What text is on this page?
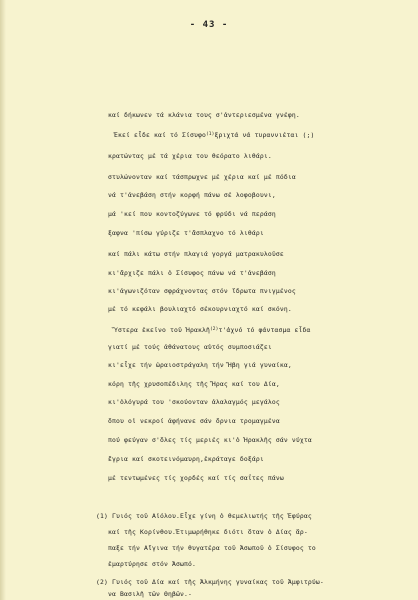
- 43 -
καί δήκωνεν τά κλάνια τους σ'ἀντεριεσμένα γνέφη.
Ἐκεί εἶδε καί τό Σίσυφο$^{(1)}$ξριχτά νά τυραννιέται (;)
κρατώντας μέ τά χέρια του θεόρατο λιθάρι.
στυλώνονταν καί τάσπρωχνε μέ χέρια καί μέ πόδια
νά τ'ἀνεβάση στήν κορφή πάνω σέ λοφοβουνι,
μά 'κεί που κοντοζύγωνε τό φρύδι νά περάση
ξαφνα 'πίσω γύριζε τ'ἄσπλαχνο τό λιθάρι
καί πάλι κάτω στήν πλαγιά γοργά ματρακυλοῦσε
κι'ἄρχιζε πάλι ὁ Σίσυφος πάνω νά τ'ἀνεβάση
κι'ἀγωνιζόταν σφράχνοντας στόν ἵδρωτα πνιγμένος
μέ τό κεφάλι βουλιαχτό σέκουρνιαχτό καί σκόνη.
Ὕστερα ἐκεῖνο τοῦ Ἡρακλῆ$^{(2)}$τ'ἀχνό τό φάντασμα εἶδα
γιατί μέ τούς ἀθάνατους αὐτός συμποσιάζει
κι'εἶχε τήν ὡραιοστράγαλη τήν Ἥβη γιά γυναίκα,
κόρη τῆς χρυσοπέδιλης τῆς Ἥρας καί του Δία,
κι'ὁλόγυρά του 'σκούονταν ἀλαλαγμός μεγάλος
ὅπου οἱ νεκροί ἀφήνανε σάν ὄρνια τρομαγμένα
πού φεύγαν σ'ὅλες τίς μεριές κι'ὁ Ἡρακλῆς σάν νύχτα
ἔγρια καί σκοτεινόμαυρη,ἐκράταγε δοξάρι
μέ τεντωμένες τίς χορδές καί τίς σαΐτες πάνω
(1) Γυιός τοῦ Αἰόλου.Εἶχε γίνη ὁ θεμελιωτής τῆς Ἐφύρας
καί τῆς Κορίνθου.Ἐτιμωρήθηκε διότι ὅταν ὁ Δίας ἅρ-
παξε τήν Αἴγινα τήν θυγατέρα τοῦ Ἀσωποῦ ὁ Σίσυφος το
ἐμαρτύρησε στόν Ἀσωπό.
(2) Γυιός τοῦ Δία καί τῆς Ἀλκμήνης γυναίκας τοῦ Ἀμφιτρύω-
να Βασιλῆ τῶν Θηβῶν.-
